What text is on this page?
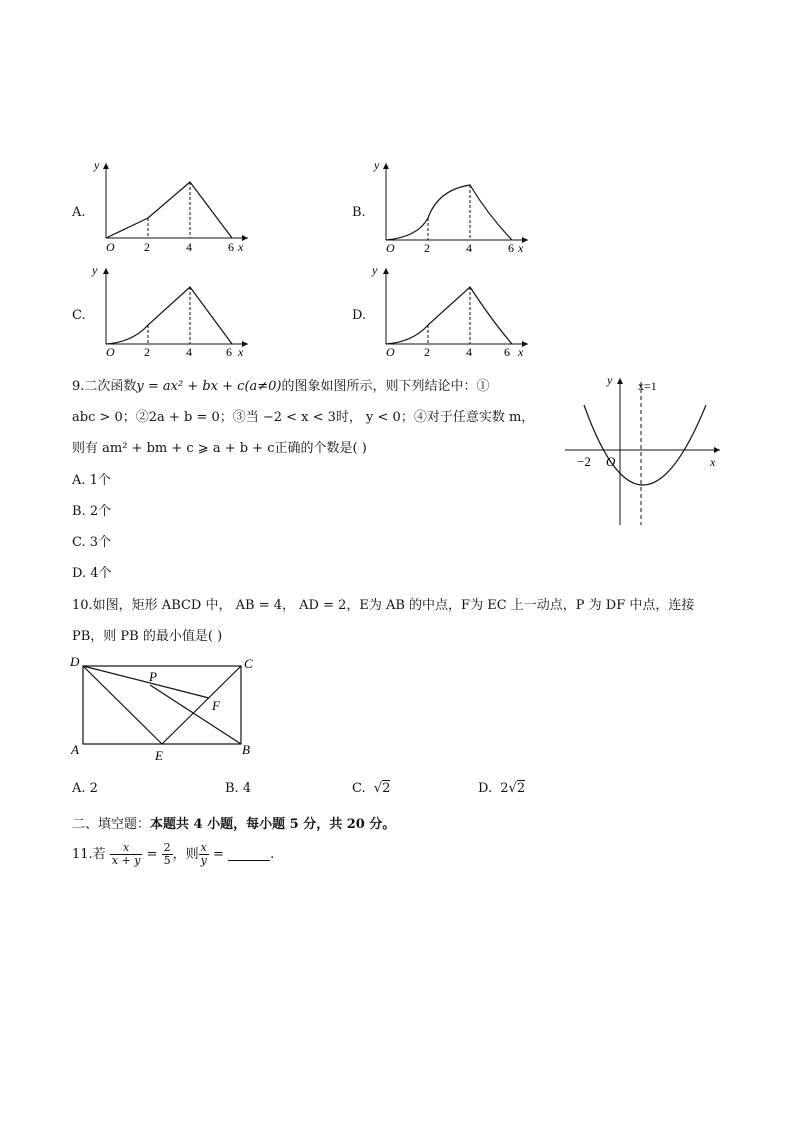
A.
y
O 2	4	6 x
B.
y
O 2	4	6 x
C.
y
O 2	4	6 x
D.
y
O 2	4	6 x
9.二次函数y = ax² + bx + c(a≠0)的图象如图所示，则下列结论中：①
abc > 0；②2a + b = 0；③当 −2 < x < 3时， y < 0；④对于任意实数 m，
则有 am² + bm + c ⩾ a + b + c正确的个数是( )
A. 1个
B. 2个
C. 3个
D. 4个
y x=1
x
−2 O
10.如图，矩形 ABCD 中， AB = 4， AD = 2，E为 AB 的中点，F为 EC 上一动点，P 为 DF 中点，连接
PB，则 PB 的最小值是( )
D	C
A	B
E
P
F
A. 2	B. 4	C. √2	D. 2√2
二、填空题：本题共 4 小题，每小题 5 分，共 20 分。
11.若 $\frac{x}{x + y} = \frac{2}{5}$ ，则 $\frac{x}{y}$ =	.
